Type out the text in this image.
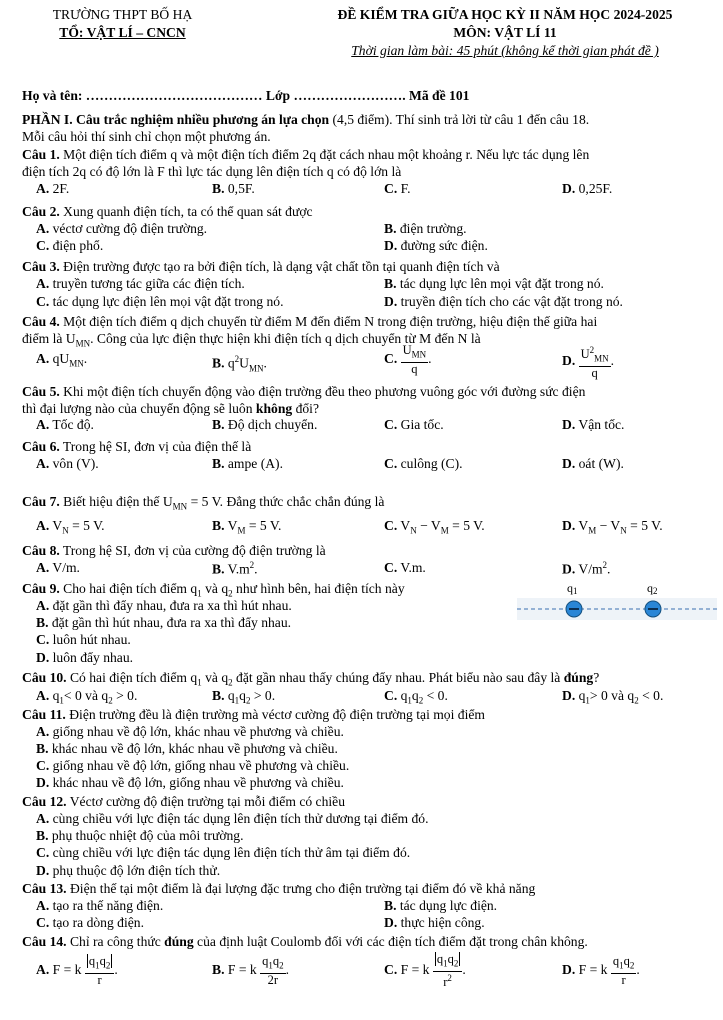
TRƯỜNG THPT BỐ HẠ
TỔ: VẬT LÍ – CNCN
ĐỀ KIỂM TRA GIỮA HỌC KỲ II NĂM HỌC 2024-2025
MÔN: VẬT LÍ 11
Thời gian làm bài: 45 phút (không kể thời gian phát đề )
Họ và tên: ………………………………… Lớp ……………………. Mã đề 101
PHẦN I. Câu trắc nghiệm nhiều phương án lựa chọn (4,5 điểm). Thí sinh trả lời từ câu 1 đến câu 18.
Mỗi câu hỏi thí sinh chỉ chọn một phương án.
Câu 1. Một điện tích điểm q và một điện tích điểm 2q đặt cách nhau một khoảng r. Nếu lực tác dụng lên
điện tích 2q có độ lớn là F thì lực tác dụng lên điện tích q có độ lớn là
A. 2F.	B. 0,5F.	C. F.	D. 0,25F.
Câu 2. Xung quanh điện tích, ta có thể quan sát được
A. véctơ cường độ điện trường.	B. điện trường.
C. điện phổ.	D. đường sức điện.
Câu 3. Điện trường được tạo ra bởi điện tích, là dạng vật chất tồn tại quanh điện tích và
A. truyền tương tác giữa các điện tích.	B. tác dụng lực lên mọi vật đặt trong nó.
C. tác dụng lực điện lên mọi vật đặt trong nó.	D. truyền điện tích cho các vật đặt trong nó.
Câu 4. Một điện tích điểm q dịch chuyển từ điểm M đến điểm N trong điện trường, hiệu điện thế giữa hai
điểm là $U_{MN}$. Công của lực điện thực hiện khi điện tích q dịch chuyển từ M đến N là
A. $qU_{MN}$.	B. $q^2U_{MN}$.	C. $\frac{U_{MN}}{q}$ .	D. $\frac{U^2_{MN}}{q}$ .
Câu 5. Khi một điện tích chuyển động vào điện trường đều theo phương vuông góc với đường sức điện
thì đại lượng nào của chuyển động sẽ luôn không đổi?
A. Tốc độ.	B. Độ dịch chuyển.	C. Gia tốc.	D. Vận tốc.
Câu 6. Trong hệ SI, đơn vị của điện thế là
A. vôn (V).	B. ampe (A).	C. culông (C).	D. oát (W).
Câu 7. Biết hiệu điện thế $U_{MN} = 5$ V. Đẳng thức chắc chắn đúng là
A. $V_N = 5$ V.	B. $V_M = 5$ V.	C. $V_N - V_M = 5$ V.	D. $V_M - V_N = 5$ V.
Câu 8. Trong hệ SI, đơn vị của cường độ điện trường là
A. V/m.	B. $V.m^2$.	C. V.m.	D. $V/m^2$.
Câu 9. Cho hai điện tích điểm $q_1$ và $q_2$ như hình bên, hai điện tích này
A. đặt gần thì đẩy nhau, đưa ra xa thì hút nhau.
B. đặt gần thì hút nhau, đưa ra xa thì đẩy nhau.
C. luôn hút nhau.
D. luôn đẩy nhau.
q1	q2
Câu 10. Có hai điện tích điểm $q_1$ và $q_2$ đặt gần nhau thấy chúng đẩy nhau. Phát biểu nào sau đây là đúng?
A. $q_1< 0$ và $q_2 > 0$.	B. $q_1q_2 > 0$.	C. $q_1q_2 < 0$.	D. $q_1> 0$ và $q_2 < 0$.
Câu 11. Điện trường đều là điện trường mà véctơ cường độ điện trường tại mọi điểm
A. giống nhau về độ lớn, khác nhau về phương và chiều.
B. khác nhau về độ lớn, khác nhau về phương và chiều.
C. giống nhau về độ lớn, giống nhau về phương và chiều.
D. khác nhau về độ lớn, giống nhau về phương và chiều.
Câu 12. Véctơ cường độ điện trường tại mỗi điểm có chiều
A. cùng chiều với lực điện tác dụng lên điện tích thử dương tại điểm đó.
B. phụ thuộc nhiệt độ của môi trường.
C. cùng chiều với lực điện tác dụng lên điện tích thử âm tại điểm đó.
D. phụ thuộc độ lớn điện tích thử.
Câu 13. Điện thế tại một điểm là đại lượng đặc trưng cho điện trường tại điểm đó về khả năng
A. tạo ra thế năng điện.	B. tác dụng lực điện.
C. tạo ra dòng điện.	D. thực hiện công.
Câu 14. Chỉ ra công thức đúng của định luật Coulomb đối với các điện tích điểm đặt trong chân không.
A. F = k $\frac{q_1q_2}{r}$ .	B. F = k $\frac{q_1q_2}{2r}$ .	C. F = k $\frac{q_1q_2}{r^2}$ .	D. F = k $\frac{q_1q_2}{r}$ .
